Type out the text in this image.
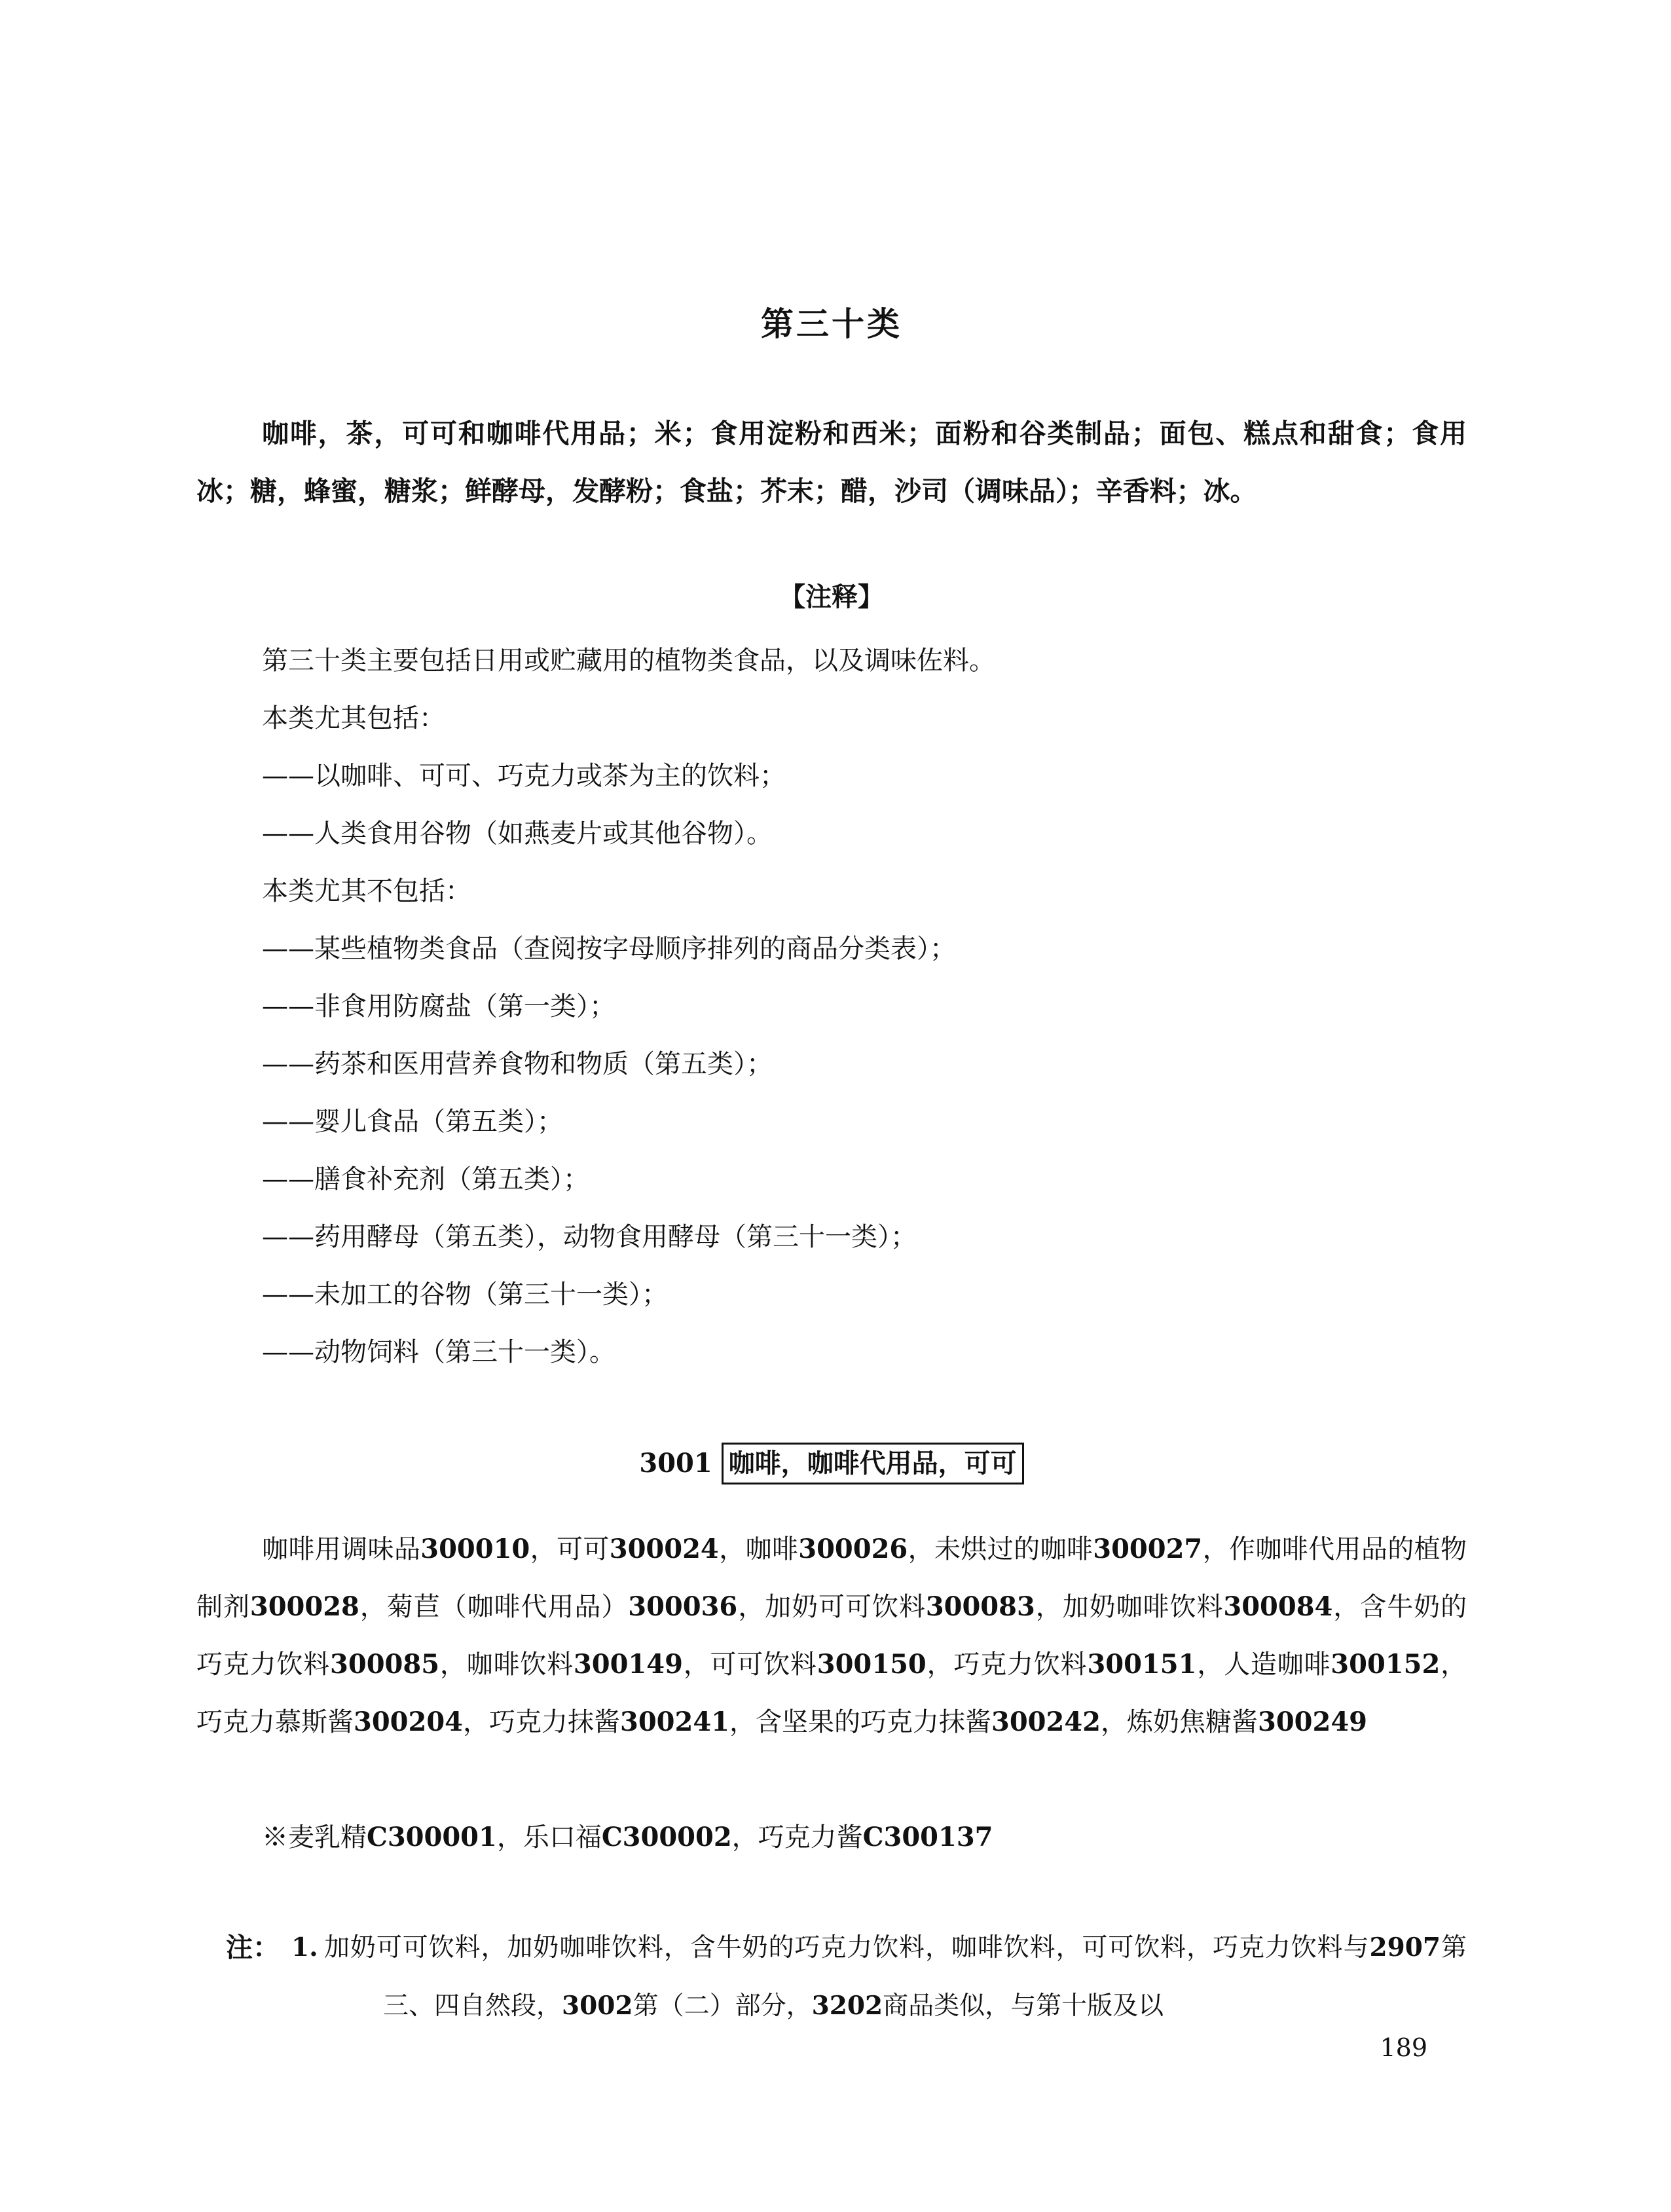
第三十类

咖啡，茶，可可和咖啡代用品；米；食用淀粉和西米；面粉和谷类制品；面包、糕点和甜食；食用冰；糖，蜂蜜，糖浆；鲜酵母，发酵粉；食盐；芥末；醋，沙司（调味品）；辛香料；冰。

【注释】
第三十类主要包括日用或贮藏用的植物类食品，以及调味佐料。
本类尤其包括：
——以咖啡、可可、巧克力或茶为主的饮料；
——人类食用谷物（如燕麦片或其他谷物）。
本类尤其不包括：
——某些植物类食品（查阅按字母顺序排列的商品分类表）；
——非食用防腐盐（第一类）；
——药茶和医用营养食物和物质（第五类）；
——婴儿食品（第五类）；
——膳食补充剂（第五类）；
——药用酵母（第五类），动物食用酵母（第三十一类）；
——未加工的谷物（第三十一类）；
——动物饲料（第三十一类）。
3001 咖啡，咖啡代用品，可可

咖啡用调味品300010，可可300024，咖啡300026，未烘过的咖啡300027，作咖啡代用品的植物制剂300028，菊苣（咖啡代用品）300036，加奶可可饮料300083，加奶咖啡饮料300084，含牛奶的巧克力饮料300085，咖啡饮料300149，可可饮料300150，巧克力饮料300151，人造咖啡300152，巧克力慕斯酱300204，巧克力抹酱300241，含坚果的巧克力抹酱300242，炼奶焦糖酱300249

※麦乳精C300001，乐口福C300002，巧克力酱C300137

注： 1. 加奶可可饮料，加奶咖啡饮料，含牛奶的巧克力饮料，咖啡饮料，可可饮料，巧克力饮料与2907第三、四自然段，3002第（二）部分，3202商品类似，与第十版及以

189
